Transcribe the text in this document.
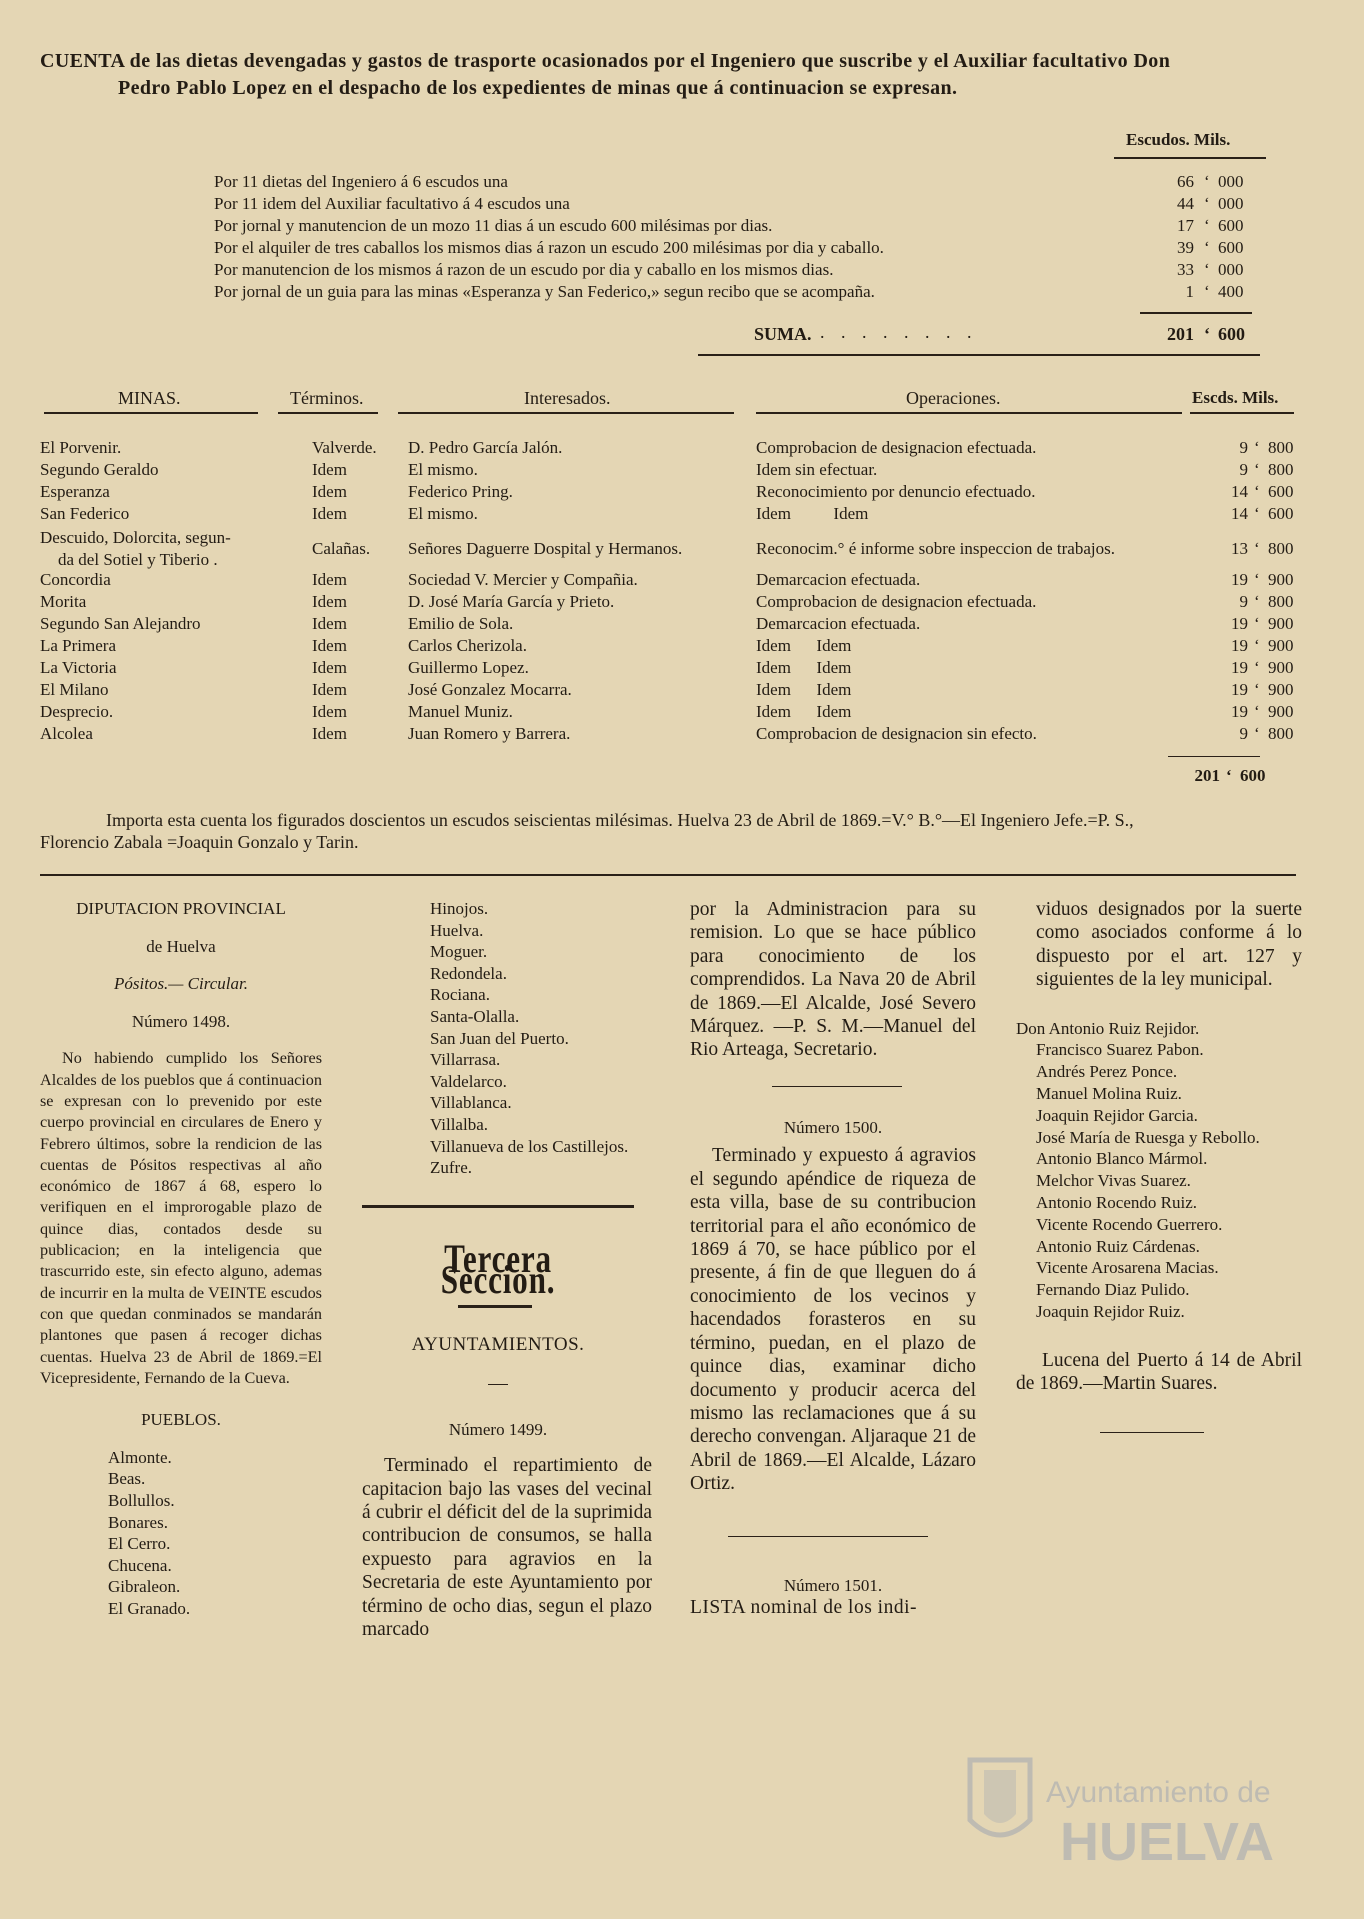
CUENTA de las dietas devengadas y gastos de trasporte ocasionados por el Ingeniero que suscribe y el Auxiliar facultativo Don
Pedro Pablo Lopez en el despacho de los expedientes de minas que á continuacion se expresan.
Escudos. Mils.
Por 11 dietas del Ingeniero á 6 escudos una	66 ‘ 000
Por 11 idem del Auxiliar facultativo á 4 escudos una	44 ‘ 000
Por jornal y manutencion de un mozo 11 dias á un escudo 600 milésimas por dias.	17 ‘ 600
Por el alquiler de tres caballos los mismos dias á razon un escudo 200 milésimas por dia y caballo.	39 ‘ 600
Por manutencion de los mismos á razon de un escudo por dia y caballo en los mismos dias.	33 ‘ 000
Por jornal de un guia para las minas «Esperanza y San Federico,» segun recibo que se acompaña.	1 ‘ 400
SUMA. . . . . . . . .	201 ‘ 600
MINAS.	Términos.	Interesados.	Operaciones.	Escds. Mils.
El Porvenir.	Valverde. D. Pedro García Jalón.	Comprobacion de designacion efectuada.	9 ‘ 800
Segundo Geraldo	Idem	El mismo.	Idem sin efectuar.	9 ‘ 800
Esperanza	Idem	Federico Pring.	Reconocimiento por denuncio efectuado.	14 ‘ 600
San Federico	Idem	El mismo.	Idem          Idem	14 ‘ 600
Descuido, Dolorcita, segun-
da del Sotiel y Tiberio .
Calañas. Señores Daguerre Dospital y Hermanos.	Reconocim.° é informe sobre inspeccion de trabajos.	13 ‘ 800
Concordia	Idem	Sociedad V. Mercier y Compañia.	Demarcacion efectuada.	19 ‘ 900
Morita	Idem	D. José María García y Prieto.	Comprobacion de designacion efectuada.	9 ‘ 800
Segundo San Alejandro	Idem	Emilio de Sola.	Demarcacion efectuada.	19 ‘ 900
La Primera	Idem	Carlos Cherizola.	Idem      Idem	19 ‘ 900
La Victoria	Idem	Guillermo Lopez.	Idem      Idem	19 ‘ 900
El Milano	Idem	José Gonzalez Mocarra.	Idem      Idem	19 ‘ 900
Desprecio.	Idem	Manuel Muniz.	Idem      Idem	19 ‘ 900
Alcolea	Idem	Juan Romero y Barrera.	Comprobacion de designacion sin efecto.	9 ‘ 800
201 ‘ 600
Importa esta cuenta los figurados doscientos un escudos seiscientas milésimas. Huelva 23 de Abril de 1869.=V.° B.°—El Ingeniero Jefe.=P. S.,
Florencio Zabala =Joaquin Gonzalo y Tarin.
DIPUTACION PROVINCIAL
de Huelva
Pósitos.— Circular.
Número 1498.
No habiendo cumplido los Señores Alcaldes de los pueblos que á continuacion se expresan con lo prevenido por este cuerpo provincial en circulares de Enero y Febrero últimos, sobre la rendicion de las cuentas de Pósitos respectivas al año económico de 1867 á 68, espero lo verifiquen en el improrogable plazo de quince dias, contados desde su publicacion; en la inteligencia que trascurrido este, sin efecto alguno, ademas de incurrir en la multa de VEINTE escudos con que quedan conminados se mandarán plantones que pasen á recoger dichas cuentas. Huelva 23 de Abril de 1869.=El Vicepresidente, Fernando de la Cueva.
PUEBLOS.
Almonte.
Beas.
Bollullos.
Bonares.
El Cerro.
Chucena.
Gibraleon.
El Granado.
Hinojos.
Huelva.
Moguer.
Redondela.
Rociana.
Santa-Olalla.
San Juan del Puerto.
Villarrasa.
Valdelarco.
Villablanca.
Villalba.
Villanueva de los Castillejos.
Zufre.
Tercera Seccion.
AYUNTAMIENTOS.
Número 1499.
Terminado el repartimiento de capitacion bajo las vases del vecinal á cubrir el déficit del de la suprimida contribucion de consumos, se halla expuesto para agravios en la Secretaria de este Ayuntamiento por término de ocho dias, segun el plazo marcado
por la Administracion para su remision. Lo que se hace público para conocimiento de los comprendidos. La Nava 20 de Abril de 1869.—El Alcalde, José Severo Márquez. —P. S. M.—Manuel del Rio Arteaga, Secretario.
Número 1500.
Terminado y expuesto á agravios el segundo apéndice de riqueza de esta villa, base de su contribucion territorial para el año económico de 1869 á 70, se hace público por el presente, á fin de que lleguen do á conocimiento de los vecinos y hacendados forasteros en su término, puedan, en el plazo de quince dias, examinar dicho documento y producir acerca del mismo las reclamaciones que á su derecho convengan. Aljaraque 21 de Abril de 1869.—El Alcalde, Lázaro Ortiz.
Número 1501.
LISTA nominal de los indi-
viduos designados por la suerte como asociados conforme á lo dispuesto por el art. 127 y siguientes de la ley municipal.
Don Antonio Ruiz Rejidor.
Francisco Suarez Pabon.
Andrés Perez Ponce.
Manuel Molina Ruiz.
Joaquin Rejidor Garcia.
José María de Ruesga y Rebollo.
Antonio Blanco Mármol.
Melchor Vivas Suarez.
Antonio Rocendo Ruiz.
Vicente Rocendo Guerrero.
Antonio Ruiz Cárdenas.
Vicente Arosarena Macias.
Fernando Diaz Pulido.
Joaquin Rejidor Ruiz.
Lucena del Puerto á 14 de Abril de 1869.—Martin Suares.
Ayuntamiento de
HUELVA
